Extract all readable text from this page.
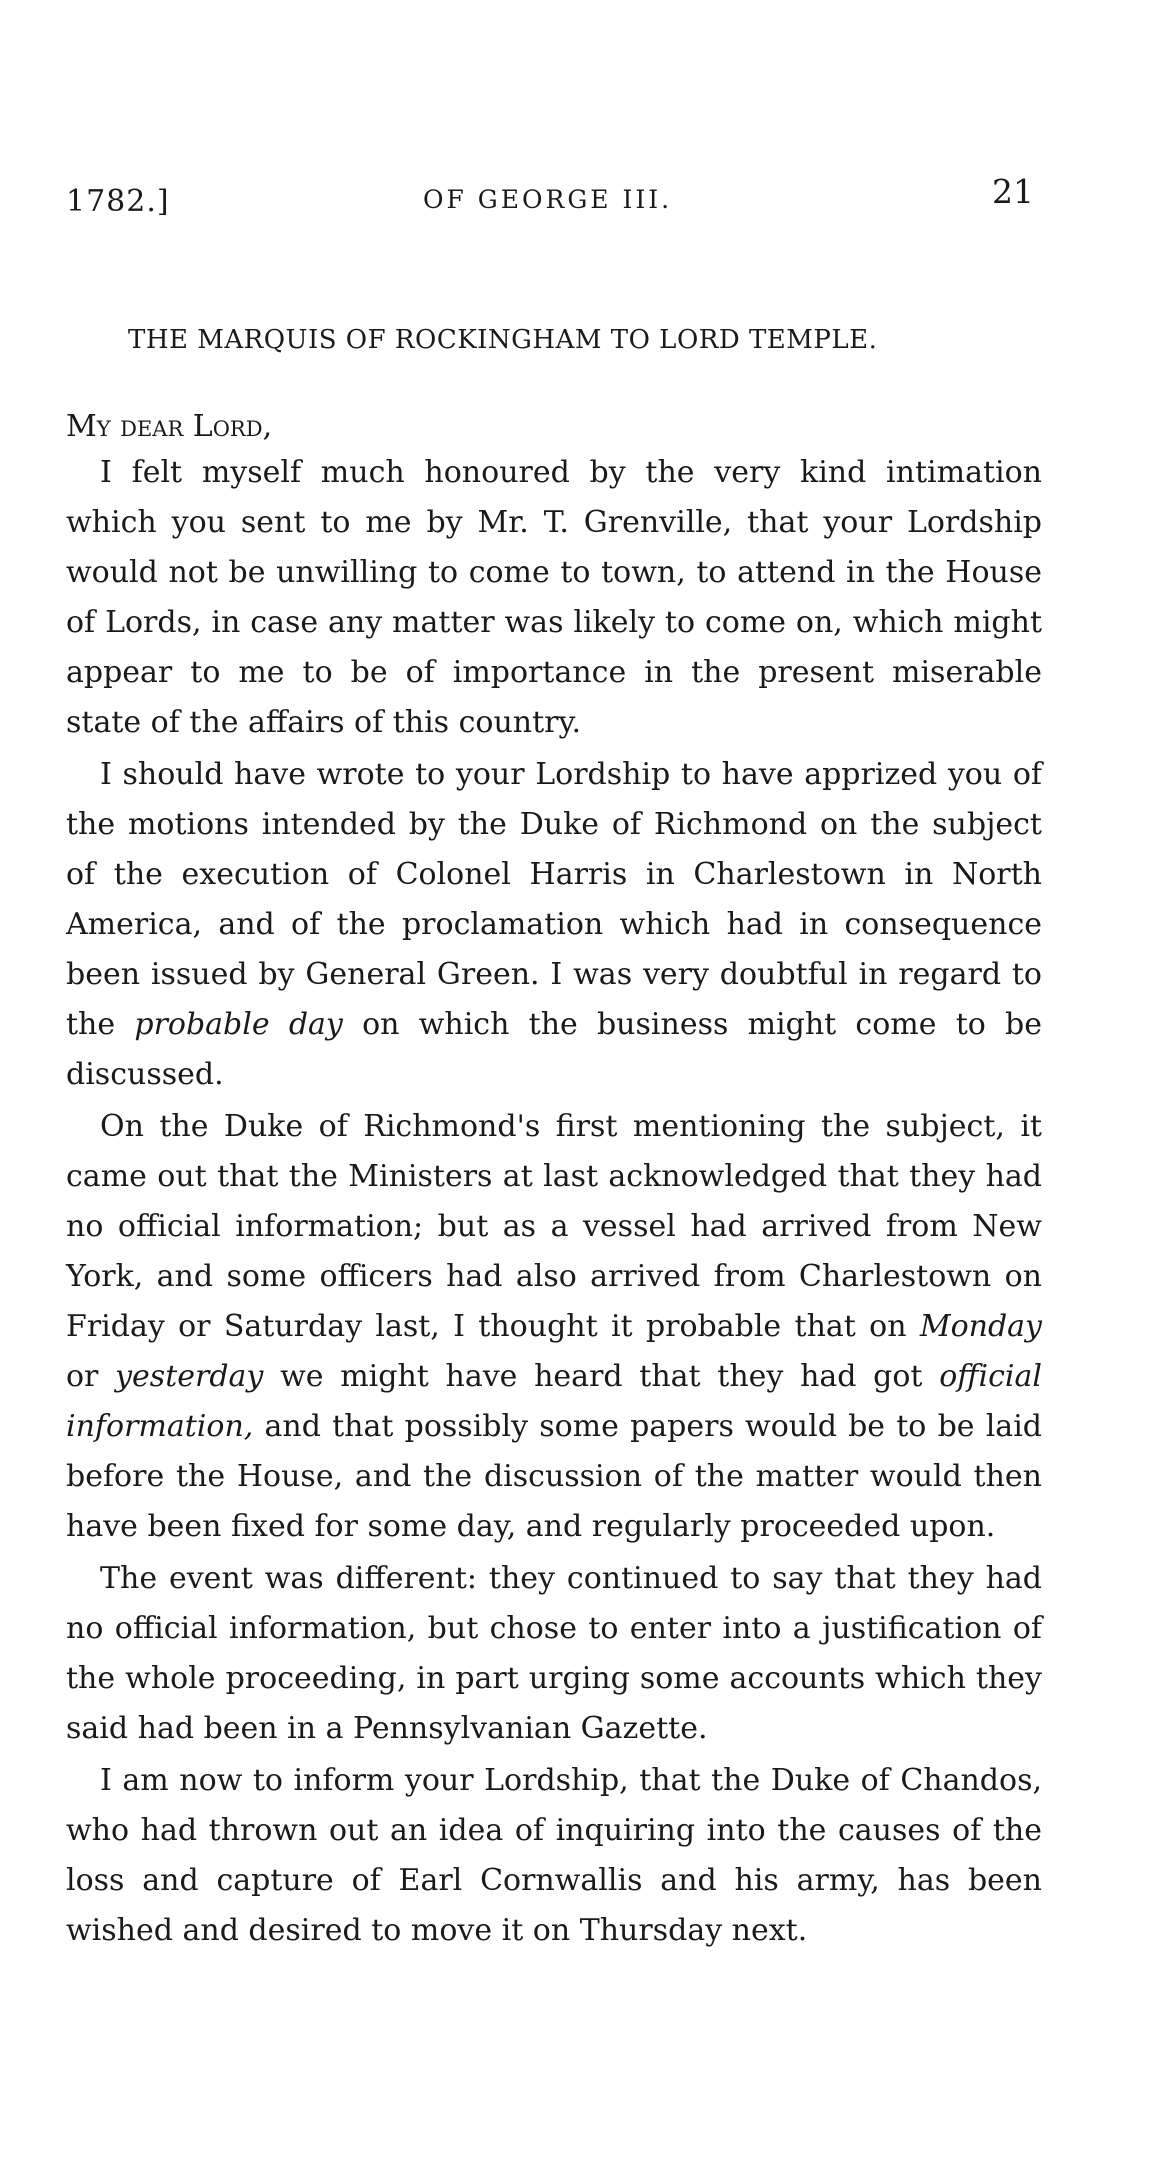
1782.]	OF GEORGE III.	21
THE MARQUIS OF ROCKINGHAM TO LORD TEMPLE.
My dear Lord,

I felt myself much honoured by the very kind intimation which you sent to me by Mr. T. Grenville, that your Lordship would not be unwilling to come to town, to attend in the House of Lords, in case any matter was likely to come on, which might appear to me to be of importance in the present miserable state of the affairs of this country.

I should have wrote to your Lordship to have apprized you of the motions intended by the Duke of Richmond on the subject of the execution of Colonel Harris in Charlestown in North America, and of the proclamation which had in consequence been issued by General Green. I was very doubtful in regard to the probable day on which the business might come to be discussed.

On the Duke of Richmond's first mentioning the subject, it came out that the Ministers at last acknowledged that they had no official information; but as a vessel had arrived from New York, and some officers had also arrived from Charlestown on Friday or Saturday last, I thought it probable that on Monday or yesterday we might have heard that they had got official information, and that possibly some papers would be to be laid before the House, and the discussion of the matter would then have been fixed for some day, and regularly proceeded upon.

The event was different: they continued to say that they had no official information, but chose to enter into a justification of the whole proceeding, in part urging some accounts which they said had been in a Pennsylvanian Gazette.

I am now to inform your Lordship, that the Duke of Chandos, who had thrown out an idea of inquiring into the causes of the loss and capture of Earl Cornwallis and his army, has been wished and desired to move it on Thursday next.
